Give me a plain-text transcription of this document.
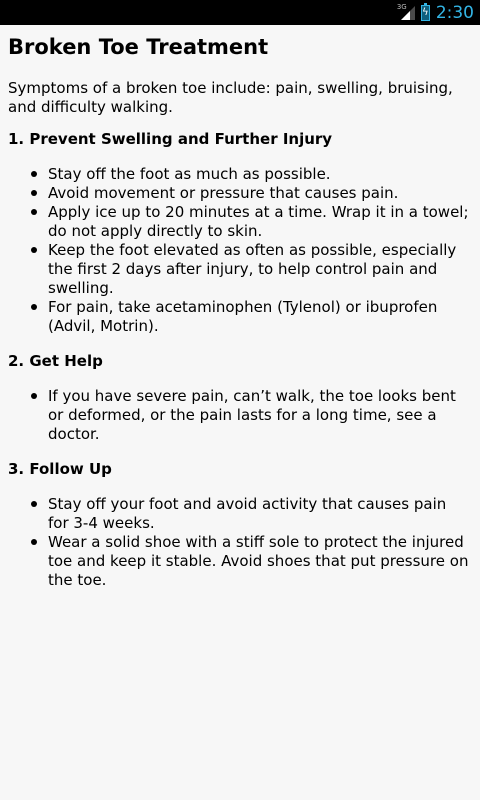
3G ϟ 2:30
Broken Toe Treatment

Symptoms of a broken toe include: pain, swelling, bruising, and difficulty walking.

1. Prevent Swelling and Further Injury
Stay off the foot as much as possible.
Avoid movement or pressure that causes pain.
Apply ice up to 20 minutes at a time. Wrap it in a towel; do not apply directly to skin.
Keep the foot elevated as often as possible, especially the first 2 days after injury, to help control pain and swelling.
For pain, take acetaminophen (Tylenol) or ibuprofen (Advil, Motrin).
2. Get Help
If you have severe pain, can’t walk, the toe looks bent or deformed, or the pain lasts for a long time, see a doctor.
3. Follow Up
Stay off your foot and avoid activity that causes pain for 3-4 weeks.
Wear a solid shoe with a stiff sole to protect the injured toe and keep it stable. Avoid shoes that put pressure on the toe.
